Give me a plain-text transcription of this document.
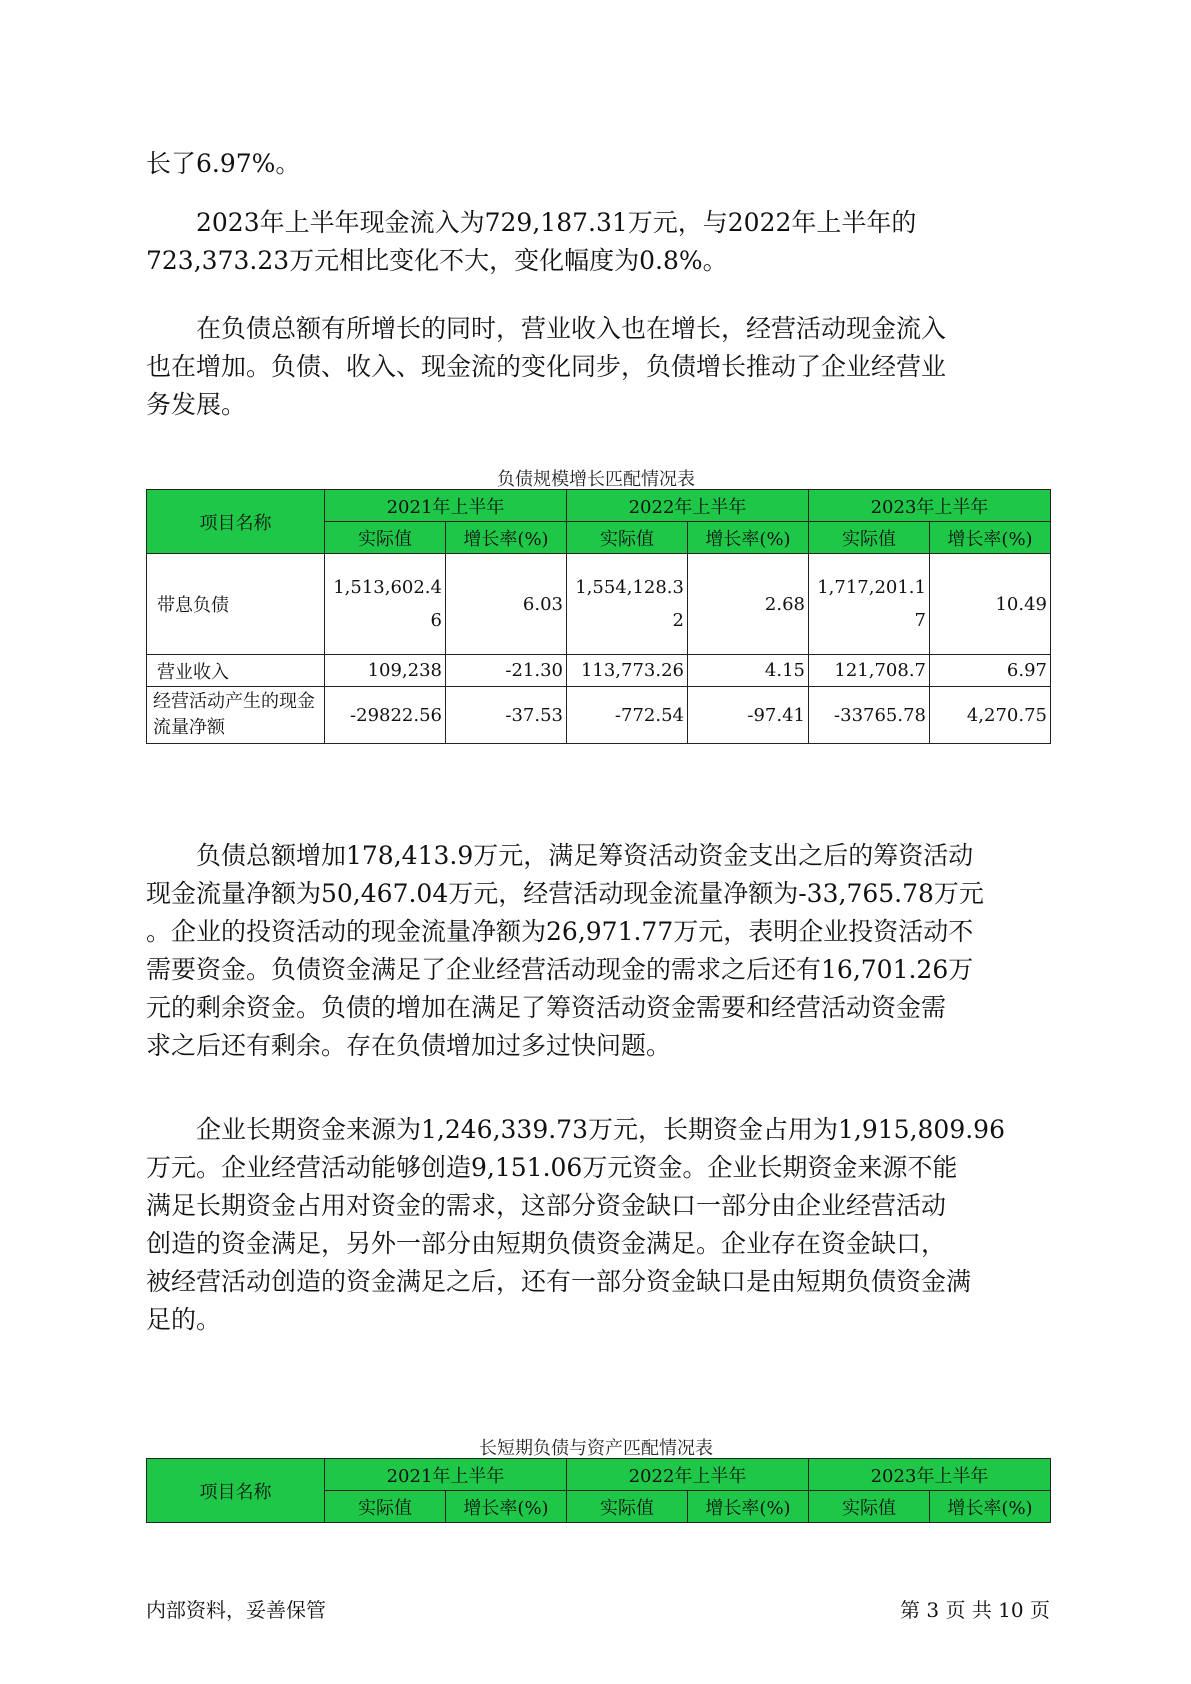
长了6.97%。

2023年上半年现金流入为729,187.31万元，与2022年上半年的

723,373.23万元相比变化不大，变化幅度为0.8%。

在负债总额有所增长的同时，营业收入也在增长，经营活动现金流入

也在增加。负债、收入、现金流的变化同步，负债增长推动了企业经营业

务发展。

负债规模增长匹配情况表
项目名称	2021年上半年		2022年上半年		2023年上半年	
	实际值	增长率(%)	实际值	增长率(%)	实际值	增长率(%)
带息负债	1,513,602.46	6.03	1,554,128.32	2.68	1,717,201.17	10.49
营业收入	109,238	-21.30	113,773.26	4.15	121,708.7	6.97
经营活动产生的现金流量净额	-29822.56	-37.53	-772.54	-97.41	-33765.78	4,270.75

负债总额增加178,413.9万元，满足筹资活动资金支出之后的筹资活动

现金流量净额为50,467.04万元，经营活动现金流量净额为-33,765.78万元

。企业的投资活动的现金流量净额为26,971.77万元，表明企业投资活动不

需要资金。负债资金满足了企业经营活动现金的需求之后还有16,701.26万

元的剩余资金。负债的增加在满足了筹资活动资金需要和经营活动资金需

求之后还有剩余。存在负债增加过多过快问题。

企业长期资金来源为1,246,339.73万元，长期资金占用为1,915,809.96

万元。企业经营活动能够创造9,151.06万元资金。企业长期资金来源不能

满足长期资金占用对资金的需求，这部分资金缺口一部分由企业经营活动

创造的资金满足，另外一部分由短期负债资金满足。企业存在资金缺口，

被经营活动创造的资金满足之后，还有一部分资金缺口是由短期负债资金满

足的。

长短期负债与资产匹配情况表
项目名称	2021年上半年		2022年上半年		2023年上半年	
	实际值	增长率(%)	实际值	增长率(%)	实际值	增长率(%)
内部资料，妥善保管	第 3 页 共 10 页
